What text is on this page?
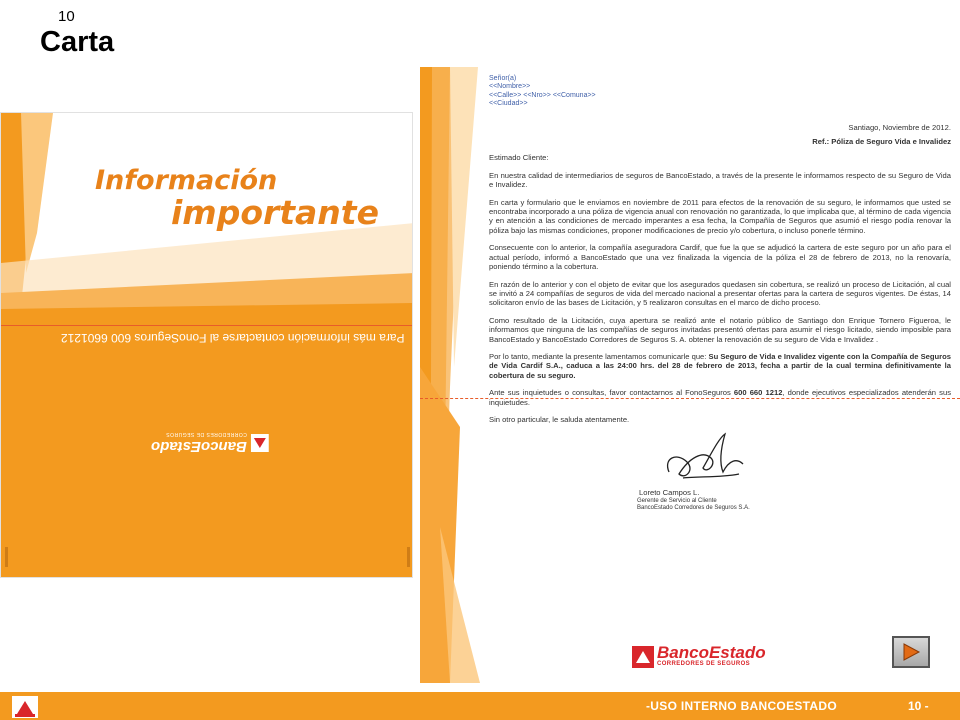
10
Carta
Información
importante
Para más información contactarse al FonoSeguros 600 6601212
BancoEstado
CORREDORES DE SEGUROS
Señor(a)
<<Nombre>>
<<Calle>> <<Nro>> <<Comuna>>
<<Ciudad>>
Santiago, Noviembre de 2012.
Ref.: Póliza de Seguro Vida e Invalidez
Estimado Cliente:
En nuestra calidad de intermediarios de seguros de BancoEstado, a través de la presente le informamos respecto de su Seguro de Vida e Invalidez.
En carta y formulario que le enviamos en noviembre de 2011 para efectos de la renovación de su seguro, le informamos que usted se encontraba incorporado a una póliza de vigencia anual con renovación no garantizada, lo que implicaba que, al término de cada vigencia y en atención a las condiciones de mercado imperantes a esa fecha, la Compañía de Seguros que asumió el riesgo podía renovar la póliza bajo las mismas condiciones, proponer modificaciones de precio y/o cobertura, o incluso ponerle término.
Consecuente con lo anterior, la compañía aseguradora Cardif, que fue la que se adjudicó la cartera de este seguro por un año para el actual período, informó a BancoEstado que una vez finalizada la vigencia de la póliza el 28 de febrero de 2013, no la renovaría, poniendo término a la cobertura.
En razón de lo anterior y con el objeto de evitar que los asegurados quedasen sin cobertura, se realizó un proceso de Licitación, al cual se invitó a 24 compañías de seguros de vida del mercado nacional a presentar ofertas para la cartera de seguros vigentes. De éstas, 14 solicitaron envío de las bases de Licitación, y 5 realizaron consultas en el marco de dicho proceso.
Como resultado de la Licitación, cuya apertura se realizó ante el notario público de Santiago don Enrique Tornero Figueroa, le informamos que ninguna de las compañías de seguros invitadas presentó ofertas para asumir el riesgo licitado, siendo imposible para BancoEstado y BancoEstado Corredores de Seguros S. A. obtener la renovación de su seguro de Vida e Invalidez .
Por lo tanto, mediante la presente lamentamos comunicarle que: Su Seguro de Vida e Invalidez vigente con la Compañía de Seguros de Vida Cardif S.A., caduca a las 24:00 hrs. del 28 de febrero de 2013, fecha a partir de la cual termina definitivamente la cobertura de su seguro.
Ante sus inquietudes o consultas, favor contactarnos al FonoSeguros 600 660 1212, donde ejecutivos especializados atenderán sus inquietudes.
Sin otro particular, le saluda atentamente.
Loreto Campos L.
Gerente de Servicio al Cliente
BancoEstado Corredores de Seguros S.A.
BancoEstado
CORREDORES DE SEGUROS
-USO INTERNO BANCOESTADO	10 -
